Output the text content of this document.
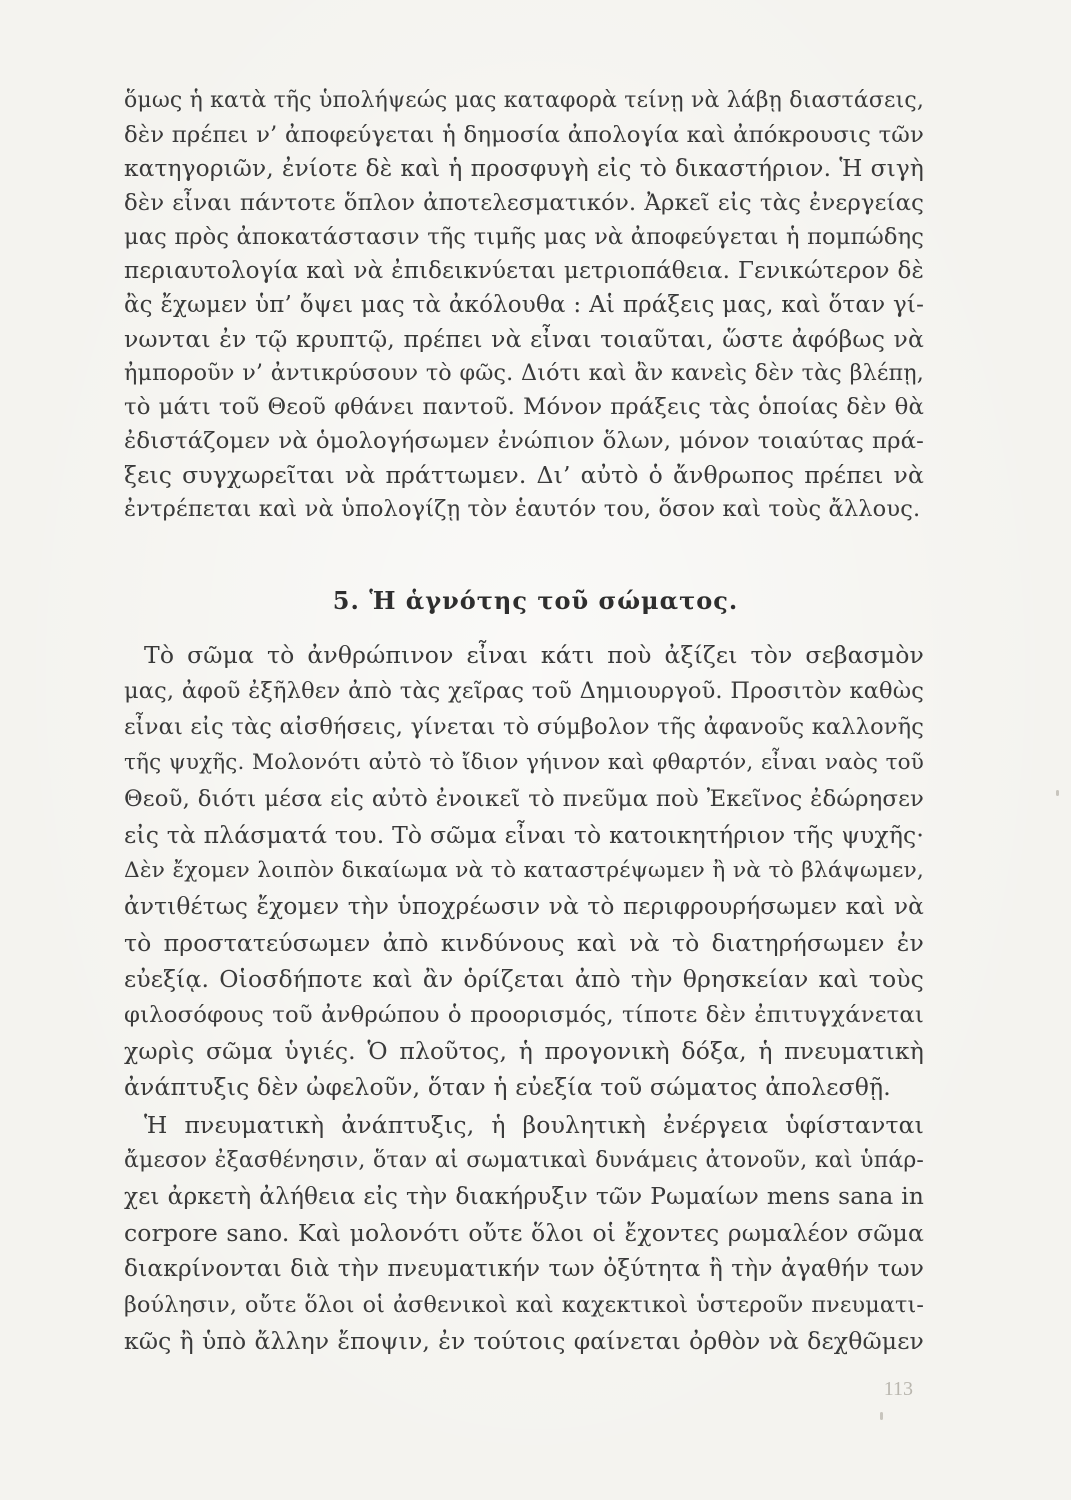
ὅμως ἡ κατὰ τῆς ὑπολήψεώς μας καταφορὰ τείνῃ νὰ λάβῃ διαστάσεις,
δὲν πρέπει ν’ ἀποφεύγεται ἡ δημοσία ἀπολογία καὶ ἀπόκρουσις τῶν
κατηγοριῶν, ἐνίοτε δὲ καὶ ἡ προσφυγὴ εἰς τὸ δικαστήριον. Ἡ σιγὴ
δὲν εἶναι πάντοτε ὅπλον ἀποτελεσματικόν. Ἀρκεῖ εἰς τὰς ἐνεργείας
μας πρὸς ἀποκατάστασιν τῆς τιμῆς μας νὰ ἀποφεύγεται ἡ πομπώδης
περιαυτολογία καὶ νὰ ἐπιδεικνύεται μετριοπάθεια. Γενικώτερον δὲ
ἂς ἔχωμεν ὑπ’ ὄψει μας τὰ ἀκόλουθα : Αἱ πράξεις μας, καὶ ὅταν γί-
νωνται ἐν τῷ κρυπτῷ, πρέπει νὰ εἶναι τοιαῦται, ὥστε ἀφόβως νὰ
ἠμποροῦν ν’ ἀντικρύσουν τὸ φῶς. Διότι καὶ ἂν κανεὶς δὲν τὰς βλέπῃ,
τὸ μάτι τοῦ Θεοῦ φθάνει παντοῦ. Μόνον πράξεις τὰς ὁποίας δὲν θὰ
ἐδιστάζομεν νὰ ὁμολογήσωμεν ἐνώπιον ὅλων, μόνον τοιαύτας πρά-
ξεις συγχωρεῖται νὰ πράττωμεν. Δι’ αὐτὸ ὁ ἄνθρωπος πρέπει νὰ
ἐντρέπεται καὶ νὰ ὑπολογίζῃ τὸν ἑαυτόν του, ὅσον καὶ τοὺς ἄλλους.
5. Ἡ ἁγνότης τοῦ σώματος.
Τὸ σῶμα τὸ ἀνθρώπινον εἶναι κάτι ποὺ ἀξίζει τὸν σεβασμὸν
μας, ἀφοῦ ἐξῆλθεν ἀπὸ τὰς χεῖρας τοῦ Δημιουργοῦ. Προσιτὸν καθὼς
εἶναι εἰς τὰς αἰσθήσεις, γίνεται τὸ σύμβολον τῆς ἀφανοῦς καλλονῆς
τῆς ψυχῆς. Μολονότι αὐτὸ τὸ ἴδιον γήινον καὶ φθαρτόν, εἶναι ναὸς τοῦ
Θεοῦ, διότι μέσα εἰς αὐτὸ ἐνοικεῖ τὸ πνεῦμα ποὺ Ἐκεῖνος ἐδώρησεν
εἰς τὰ πλάσματά του. Τὸ σῶμα εἶναι τὸ κατοικητήριον τῆς ψυχῆς·
Δὲν ἔχομεν λοιπὸν δικαίωμα νὰ τὸ καταστρέψωμεν ἢ νὰ τὸ βλάψωμεν,
ἀντιθέτως ἔχομεν τὴν ὑποχρέωσιν νὰ τὸ περιφρουρήσωμεν καὶ νὰ
τὸ προστατεύσωμεν ἀπὸ κινδύνους καὶ νὰ τὸ διατηρήσωμεν ἐν
εὐεξίᾳ. Οἱοσδήποτε καὶ ἂν ὁρίζεται ἀπὸ τὴν θρησκείαν καὶ τοὺς
φιλοσόφους τοῦ ἀνθρώπου ὁ προορισμός, τίποτε δὲν ἐπιτυγχάνεται
χωρὶς σῶμα ὑγιές. Ὁ πλοῦτος, ἡ προγονικὴ δόξα, ἡ πνευματικὴ
ἀνάπτυξις δὲν ὠφελοῦν, ὅταν ἡ εὐεξία τοῦ σώματος ἀπολεσθῇ.
Ἡ πνευματικὴ ἀνάπτυξις, ἡ βουλητικὴ ἐνέργεια ὑφίστανται
ἄμεσον ἐξασθένησιν, ὅταν αἱ σωματικαὶ δυνάμεις ἀτονοῦν, καὶ ὑπάρ-
χει ἀρκετὴ ἀλήθεια εἰς τὴν διακήρυξιν τῶν Ρωμαίων mens sana in
corpore sano. Καὶ μολονότι οὔτε ὅλοι οἱ ἔχοντες ρωμαλέον σῶμα
διακρίνονται διὰ τὴν πνευματικήν των ὀξύτητα ἢ τὴν ἀγαθήν των
βούλησιν, οὔτε ὅλοι οἱ ἀσθενικοὶ καὶ καχεκτικοὶ ὑστεροῦν πνευματι-
κῶς ἢ ὑπὸ ἄλλην ἔποψιν, ἐν τούτοις φαίνεται ὀρθὸν νὰ δεχθῶμεν
113
